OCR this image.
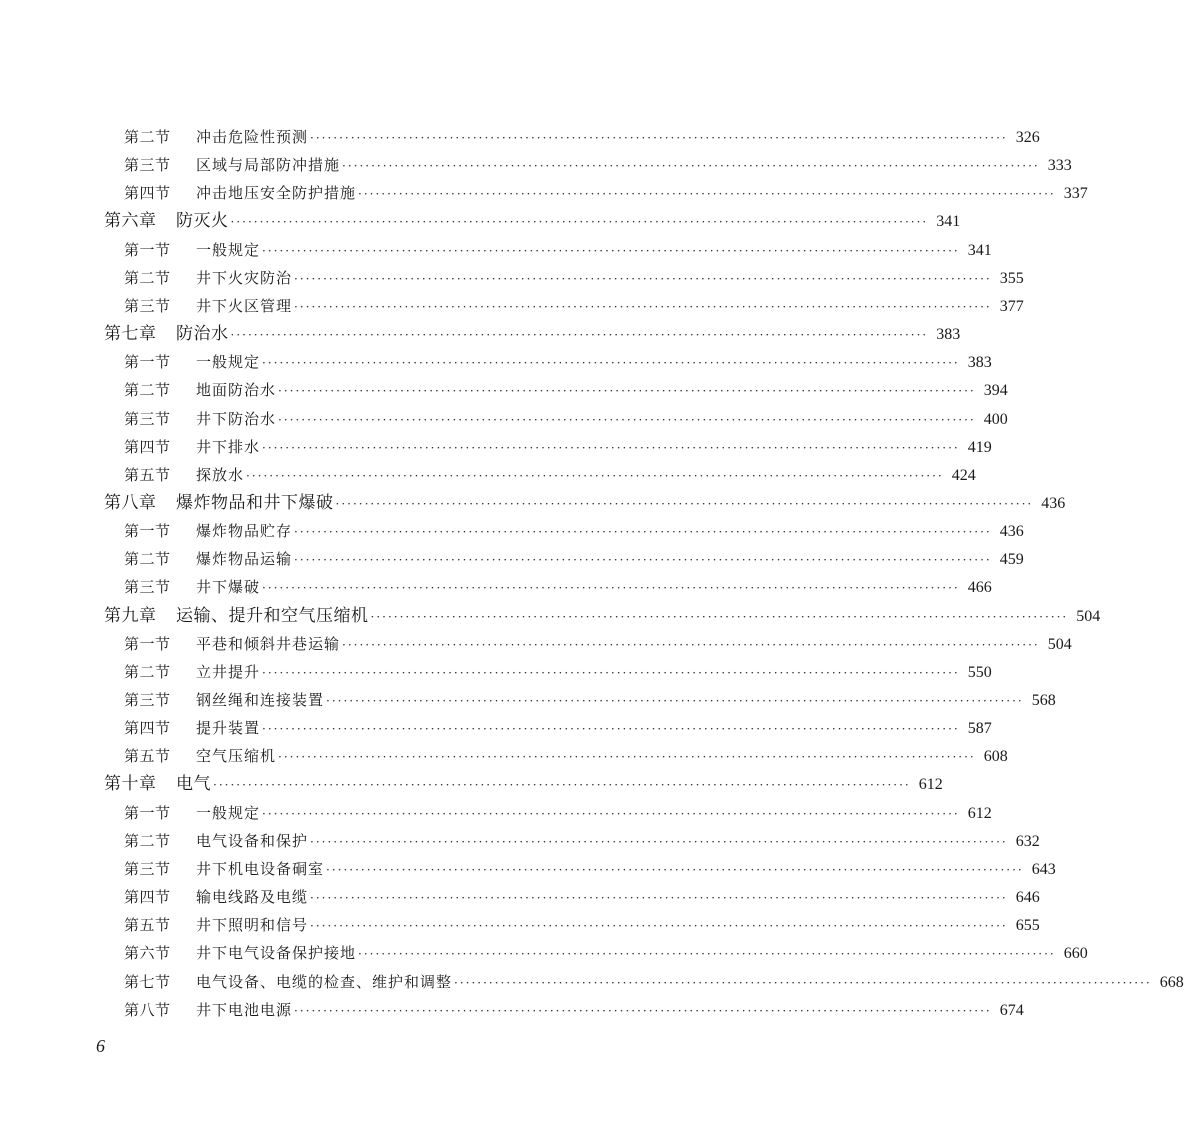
第二节	冲击危险性预测 ························································································································ 326
第三节	区域与局部防冲措施 ························································································································ 333
第四节	冲击地压安全防护措施 ························································································································ 337
第六章	防灭火 ························································································································ 341
第一节	一般规定 ························································································································ 341
第二节	井下火灾防治 ························································································································ 355
第三节	井下火区管理 ························································································································ 377
第七章	防治水 ························································································································ 383
第一节	一般规定 ························································································································ 383
第二节	地面防治水 ························································································································ 394
第三节	井下防治水 ························································································································ 400
第四节	井下排水 ························································································································ 419
第五节	探放水 ························································································································ 424
第八章	爆炸物品和井下爆破 ························································································································ 436
第一节	爆炸物品贮存 ························································································································ 436
第二节	爆炸物品运输 ························································································································ 459
第三节	井下爆破 ························································································································ 466
第九章	运输、提升和空气压缩机 ························································································································ 504
第一节	平巷和倾斜井巷运输 ························································································································ 504
第二节	立井提升 ························································································································ 550
第三节	钢丝绳和连接装置 ························································································································ 568
第四节	提升装置 ························································································································ 587
第五节	空气压缩机 ························································································································ 608
第十章	电气 ························································································································ 612
第一节	一般规定 ························································································································ 612
第二节	电气设备和保护 ························································································································ 632
第三节	井下机电设备硐室 ························································································································ 643
第四节	输电线路及电缆 ························································································································ 646
第五节	井下照明和信号 ························································································································ 655
第六节	井下电气设备保护接地 ························································································································ 660
第七节	电气设备、电缆的检查、维护和调整 ························································································································ 668
第八节	井下电池电源 ························································································································ 674
6
